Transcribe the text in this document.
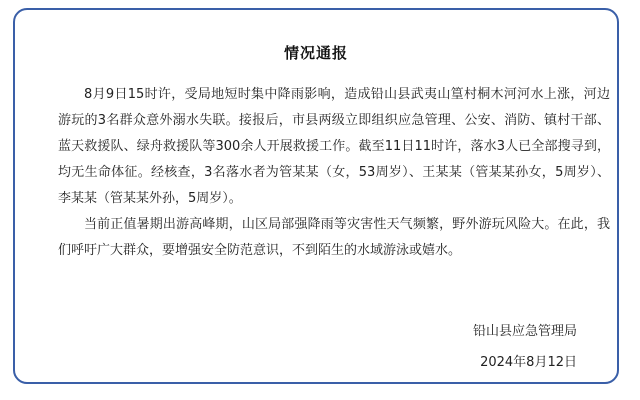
情况通报

8月9日15时许，受局地短时集中降雨影响，造成铅山县武夷山篁村桐木河河水上涨，河边游玩的3名群众意外溺水失联。接报后，市县两级立即组织应急管理、公安、消防、镇村干部、蓝天救援队、绿舟救援队等300余人开展救援工作。截至11日11时许，落水3人已全部搜寻到，均无生命体征。经核查，3名落水者为管某某（女，53周岁）、王某某（管某某孙女，5周岁）、李某某（管某某外孙，5周岁）。

当前正值暑期出游高峰期，山区局部强降雨等灾害性天气频繁，野外游玩风险大。在此，我们呼吁广大群众，要增强安全防范意识，不到陌生的水域游泳或嬉水。

铅山县应急管理局
2024年8月12日
